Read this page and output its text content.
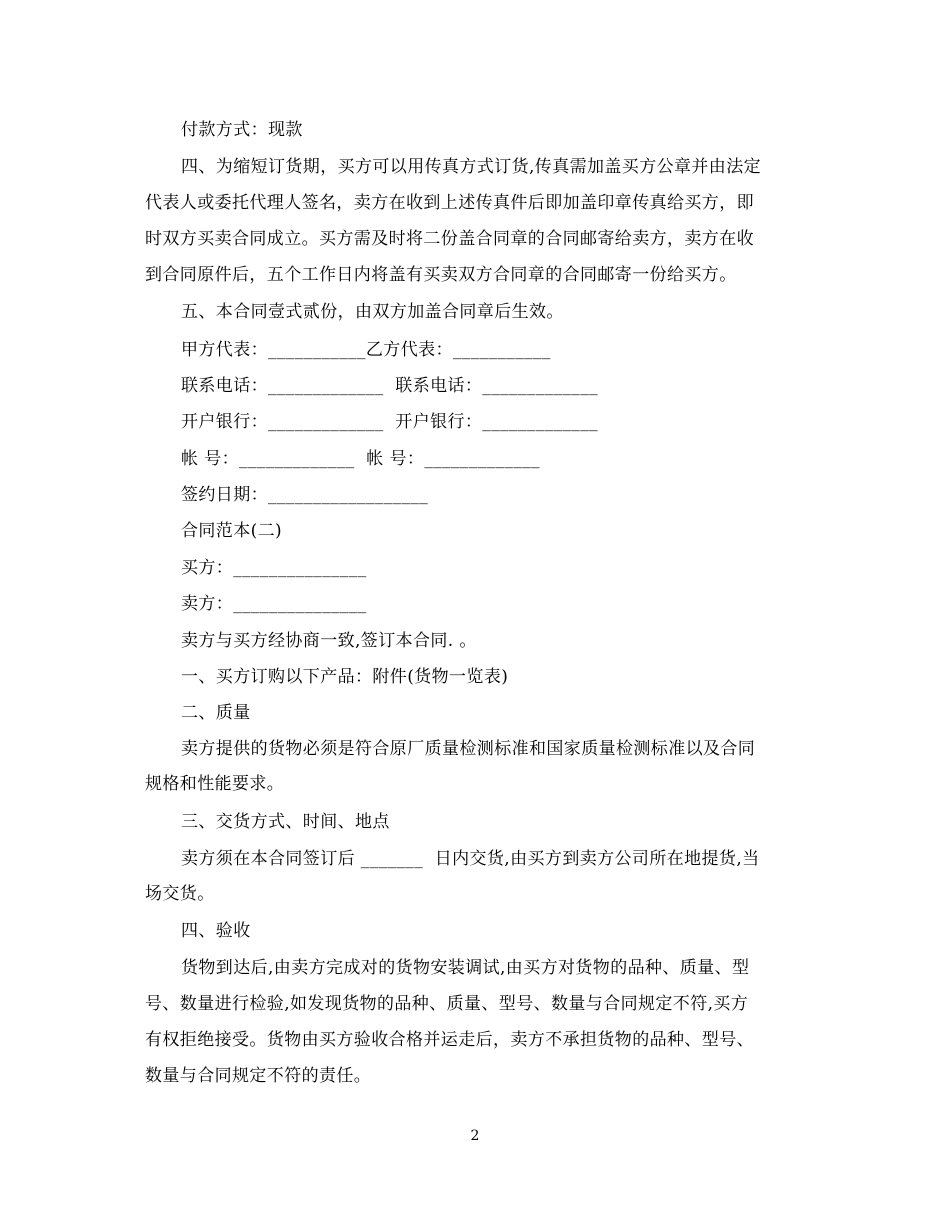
付款方式：现款
四、为缩短订货期，买方可以用传真方式订货,传真需加盖买方公章并由法定
代表人或委托代理人签名，卖方在收到上述传真件后即加盖印章传真给买方，即
时双方买卖合同成立。买方需及时将二份盖合同章的合同邮寄给卖方，卖方在收
到合同原件后，五个工作日内将盖有买卖双方合同章的合同邮寄一份给买方。
五、本合同壹式贰份，由双方加盖合同章后生效。
甲方代表：___________乙方代表：___________
联系电话：_____________  联系电话：_____________
开户银行：_____________  开户银行：_____________
帐 号：_____________  帐 号：_____________
签约日期：__________________
合同范本(二)
买方：_______________
卖方：_______________
卖方与买方经协商一致,签订本合同. 。
一、买方订购以下产品：附件(货物一览表)
二、质量
卖方提供的货物必须是符合原厂质量检测标准和国家质量检测标准以及合同
规格和性能要求。
三、交货方式、时间、地点
卖方须在本合同签订后 _______  日内交货,由买方到卖方公司所在地提货,当
场交货。
四、验收
货物到达后,由卖方完成对的货物安装调试,由买方对货物的品种、质量、型
号、数量进行检验,如发现货物的品种、质量、型号、数量与合同规定不符,买方
有权拒绝接受。货物由买方验收合格并运走后，卖方不承担货物的品种、型号、
数量与合同规定不符的责任。
2
